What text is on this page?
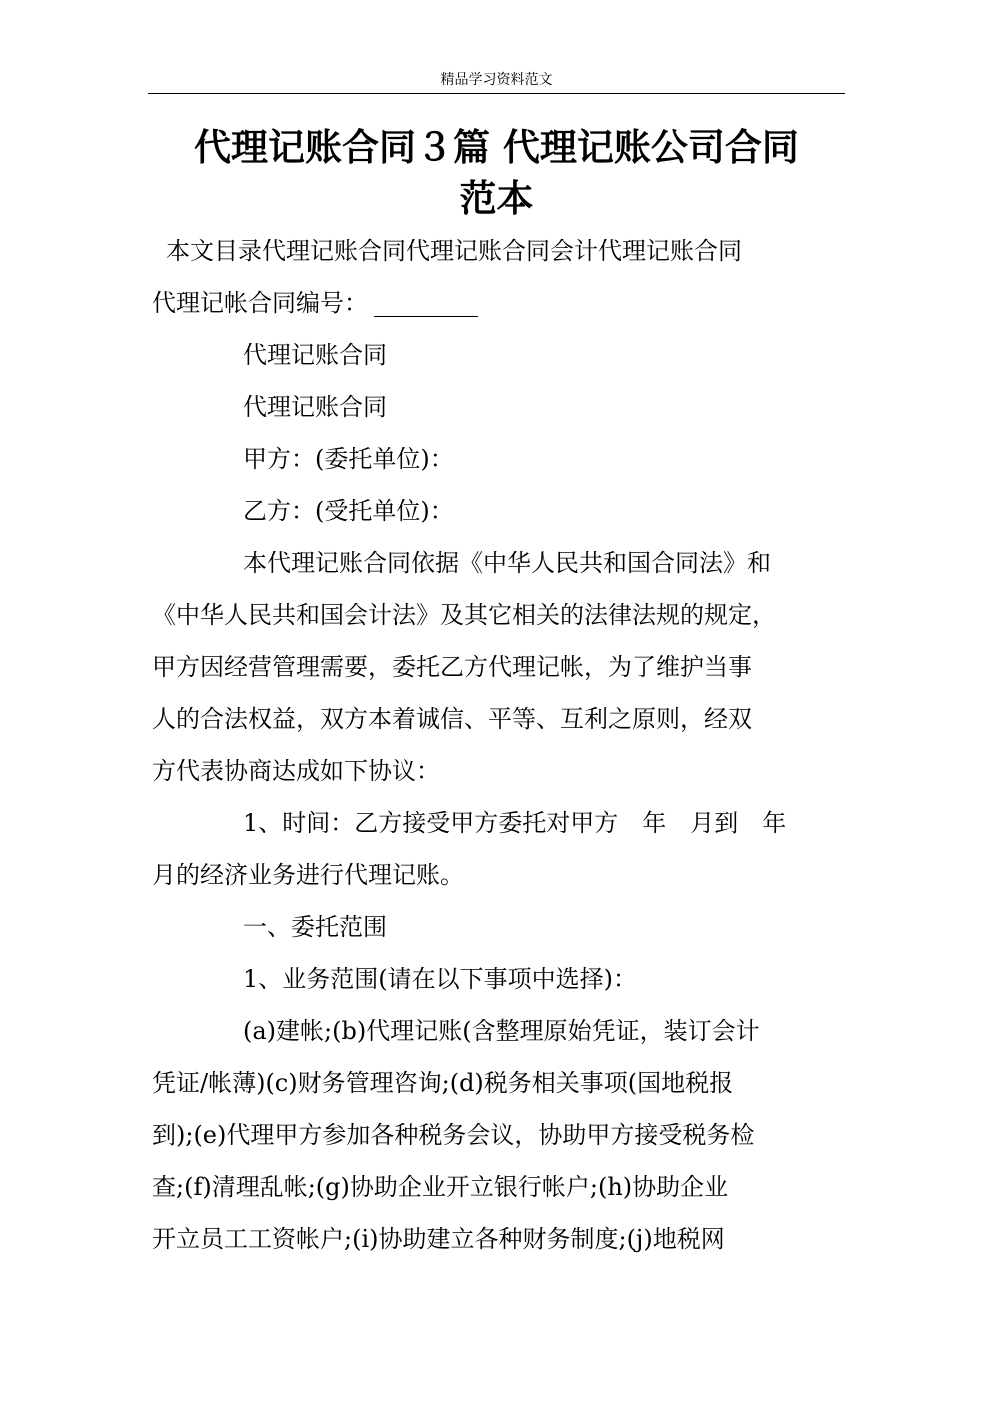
精品学习资料范文
代理记账合同３篇 代理记账公司合同
范本
本文目录代理记账合同代理记账合同会计代理记账合同
代理记帐合同编号：
代理记账合同
代理记账合同
甲方：(委托单位)：
乙方：(受托单位)：
本代理记账合同依据《中华人民共和国合同法》和
《中华人民共和国会计法》及其它相关的法律法规的规定，
甲方因经营管理需要，委托乙方代理记帐，为了维护当事
人的合法权益，双方本着诚信、平等、互利之原则，经双
方代表协商达成如下协议：
1、时间：乙方接受甲方委托对甲方　年　月到　年
月的经济业务进行代理记账。
一、委托范围
1、业务范围(请在以下事项中选择)：
(a)建帐;(b)代理记账(含整理原始凭证，装订会计
凭证/帐薄)(c)财务管理咨询;(d)税务相关事项(国地税报
到);(e)代理甲方参加各种税务会议，协助甲方接受税务检
查;(f)清理乱帐;(g)协助企业开立银行帐户;(h)协助企业
开立员工工资帐户;(i)协助建立各种财务制度;(j)地税网
